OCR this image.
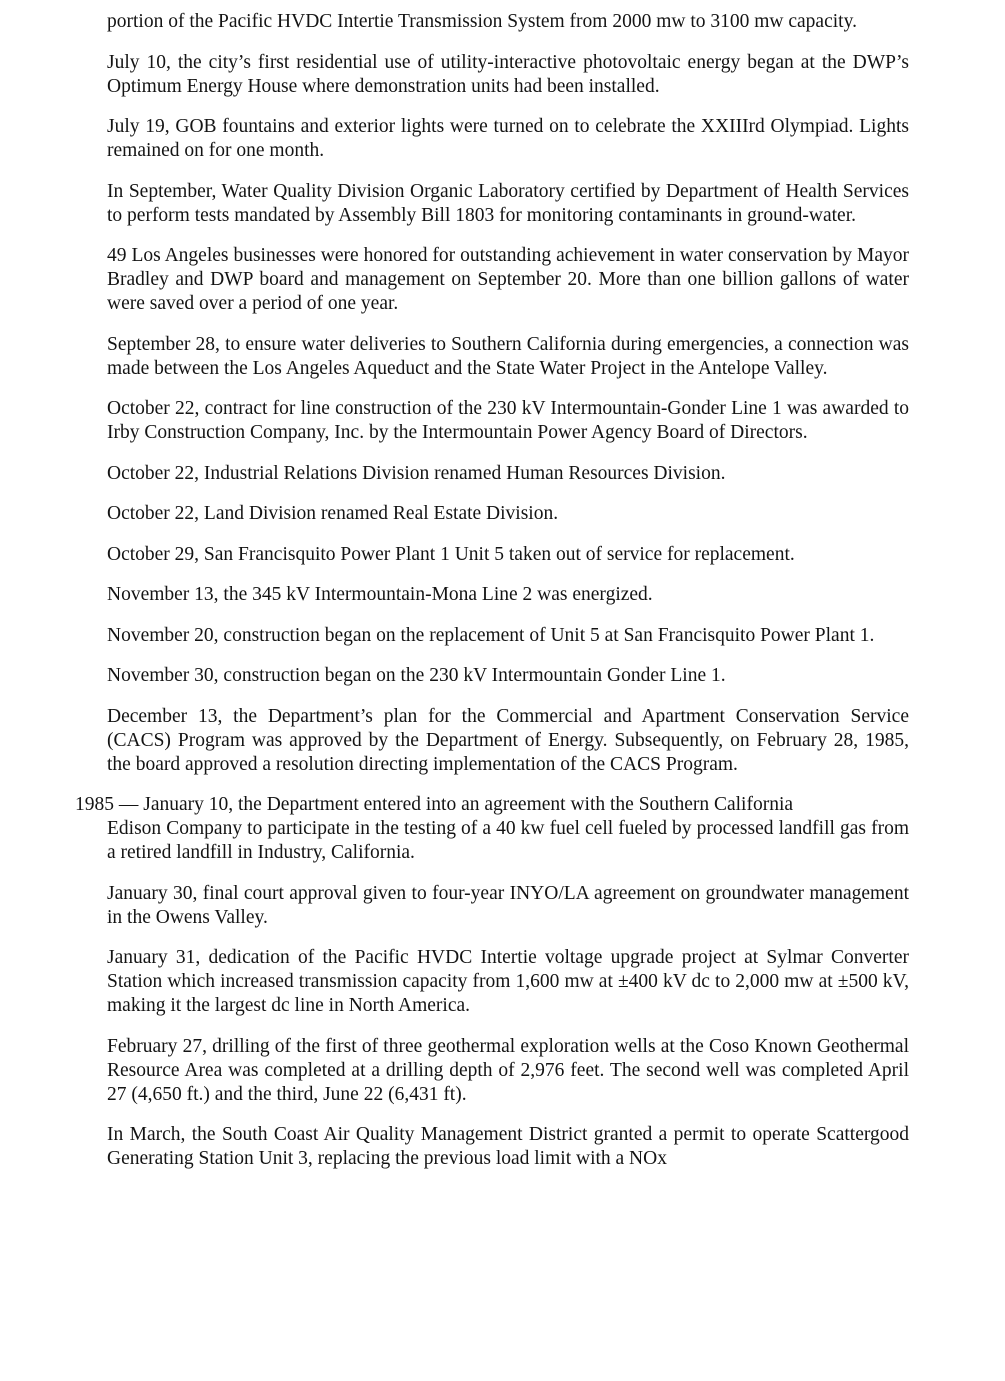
portion of the Pacific HVDC Intertie Transmission System from 2000 mw to 3100 mw capacity.

July 10, the city’s first residential use of utility-interactive photovoltaic energy began at the DWP’s Optimum Energy House where demonstration units had been installed.

July 19, GOB fountains and exterior lights were turned on to celebrate the XXIIIrd Olympiad. Lights remained on for one month.

In September, Water Quality Division Organic Laboratory certified by Department of Health Services to perform tests mandated by Assembly Bill 1803 for monitoring contaminants in ground-water.

49 Los Angeles businesses were honored for outstanding achievement in water conservation by Mayor Bradley and DWP board and management on September 20. More than one billion gallons of water were saved over a period of one year.

September 28, to ensure water deliveries to Southern California during emergencies, a connection was made between the Los Angeles Aqueduct and the State Water Project in the Antelope Valley.

October 22, contract for line construction of the 230 kV Intermountain-Gonder Line 1 was awarded to Irby Construction Company, Inc. by the Intermountain Power Agency Board of Directors.

October 22, Industrial Relations Division renamed Human Resources Division.

October 22, Land Division renamed Real Estate Division.

October 29, San Francisquito Power Plant 1 Unit 5 taken out of service for replacement.

November 13, the 345 kV Intermountain-Mona Line 2 was energized.

November 20, construction began on the replacement of Unit 5 at San Francisquito Power Plant 1.

November 30, construction began on the 230 kV Intermountain Gonder Line 1.

December 13, the Department’s plan for the Commercial and Apartment Conservation Service (CACS) Program was approved by the Department of Energy. Subsequently, on February 28, 1985, the board approved a resolution directing implementation of the CACS Program.

1985 — January 10, the Department entered into an agreement with the Southern California
Edison Company to participate in the testing of a 40 kw fuel cell fueled by processed landfill gas from a retired landfill in Industry, California.

January 30, final court approval given to four-year INYO/LA agreement on groundwater management in the Owens Valley.

January 31, dedication of the Pacific HVDC Intertie voltage upgrade project at Sylmar Converter Station which increased transmission capacity from 1,600 mw at ±400 kV dc to 2,000 mw at ±500 kV, making it the largest dc line in North America.

February 27, drilling of the first of three geothermal exploration wells at the Coso Known Geothermal Resource Area was completed at a drilling depth of 2,976 feet. The second well was completed April 27 (4,650 ft.) and the third, June 22 (6,431 ft).

In March, the South Coast Air Quality Management District granted a permit to operate Scattergood Generating Station Unit 3, replacing the previous load limit with a NOx
